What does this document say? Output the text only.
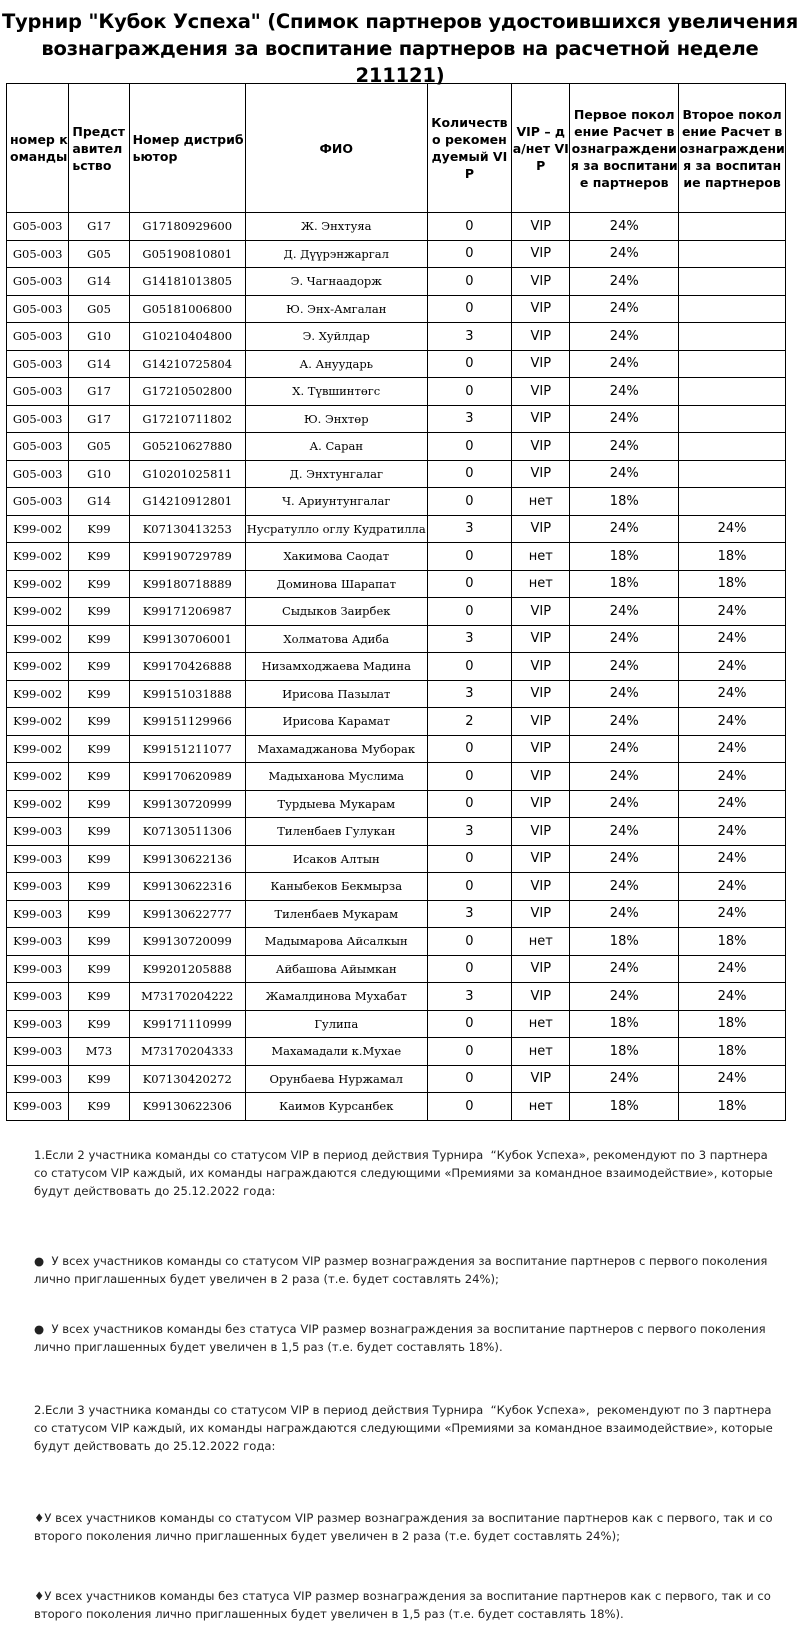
Турнир "Кубок Успеха" (Спимок партнеров удостоившихся увеличения вознаграждения за воспитание партнеров на расчетной неделе 211121)
номер команды	Представительство	Номер дистрибьютор	ФИО	Количество рекомендуемый VIP	VIP – да/нет VIP	Первое поколение Расчет в ознаграждения за воспитание партнеров	Второе поколение Расчет в ознаграждения за воспитание партнеров
G05-003	G17	G17180929600	Ж. Энхтуяа	0	VIP	24%	
G05-003	G05	G05190810801	Д. Дүүрэнжаргал	0	VIP	24%	
G05-003	G14	G14181013805	Э. Чагнаадорж	0	VIP	24%	
G05-003	G05	G05181006800	Ю. Энх-Амгалан	0	VIP	24%	
G05-003	G10	G10210404800	Э. Хуйлдар	3	VIP	24%	
G05-003	G14	G14210725804	А. Ануударь	0	VIP	24%	
G05-003	G17	G17210502800	Х. Түвшинтөгс	0	VIP	24%	
G05-003	G17	G17210711802	Ю. Энхтөр	3	VIP	24%	
G05-003	G05	G05210627880	А. Саран	0	VIP	24%	
G05-003	G10	G10201025811	Д. Энхтунгалаг	0	VIP	24%	
G05-003	G14	G14210912801	Ч. Ариунтунгалаг	0	нет	18%	
K99-002	K99	K07130413253	Нусратулло оглу Кудратилла	3	VIP	24%	24%
K99-002	K99	K99190729789	Хакимова Саодат	0	нет	18%	18%
K99-002	K99	K99180718889	Доминова Шарапат	0	нет	18%	18%
K99-002	K99	K99171206987	Сыдыков Заирбек	0	VIP	24%	24%
K99-002	K99	K99130706001	Холматова Адиба	3	VIP	24%	24%
K99-002	K99	K99170426888	Низамходжаева Мадина	0	VIP	24%	24%
K99-002	K99	K99151031888	Ирисова Пазылат	3	VIP	24%	24%
K99-002	K99	K99151129966	Ирисова Карамат	2	VIP	24%	24%
K99-002	K99	K99151211077	Махамаджанова Муборак	0	VIP	24%	24%
K99-002	K99	K99170620989	Мадыханова Муслима	0	VIP	24%	24%
K99-002	K99	K99130720999	Турдыева Мукарам	0	VIP	24%	24%
K99-003	K99	K07130511306	Тиленбаев Гулукан	3	VIP	24%	24%
K99-003	K99	K99130622136	Исаков Алтын	0	VIP	24%	24%
K99-003	K99	K99130622316	Каныбеков Бекмырза	0	VIP	24%	24%
K99-003	K99	K99130622777	Тиленбаев Мукарам	3	VIP	24%	24%
K99-003	K99	K99130720099	Мадымарова Айсалкын	0	нет	18%	18%
K99-003	K99	K99201205888	Айбашова Айымкан	0	VIP	24%	24%
K99-003	K99	M73170204222	Жамалдинова Мухабат	3	VIP	24%	24%
K99-003	K99	K99171110999	Гулипа	0	нет	18%	18%
K99-003	M73	M73170204333	Махамадали к.Мухае	0	нет	18%	18%
K99-003	K99	K07130420272	Орунбаева Нуржамал	0	VIP	24%	24%
K99-003	K99	K99130622306	Каимов Курсанбек	0	нет	18%	18%

1.Если 2 участника команды со статусом VIP в период действия Турнира  “Кубок Успеха», рекомендуют по 3 партнера со статусом VIP каждый, их команды награждаются следующими «Премиями за командное взаимодействие», которые будут действовать до 25.12.2022 года:

●  У всех участников команды со статусом VIP размер вознаграждения за воспитание партнеров с первого поколения лично приглашенных будет увеличен в 2 раза (т.е. будет составлять 24%);

●  У всех участников команды без статуса VIP размер вознаграждения за воспитание партнеров с первого поколения лично приглашенных будет увеличен в 1,5 раз (т.е. будет составлять 18%).

2.Если 3 участника команды со статусом VIP в период действия Турнира  “Кубок Успеха»,  рекомендуют по 3 партнера со статусом VIP каждый, их команды награждаются следующими «Премиями за командное взаимодействие», которые будут действовать до 25.12.2022 года:

♦У всех участников команды со статусом VIP размер вознаграждения за воспитание партнеров как с первого, так и со второго поколения лично приглашенных будет увеличен в 2 раза (т.е. будет составлять 24%);

♦У всех участников команды без статуса VIP размер вознаграждения за воспитание партнеров как с первого, так и со второго поколения лично приглашенных будет увеличен в 1,5 раз (т.е. будет составлять 18%).
